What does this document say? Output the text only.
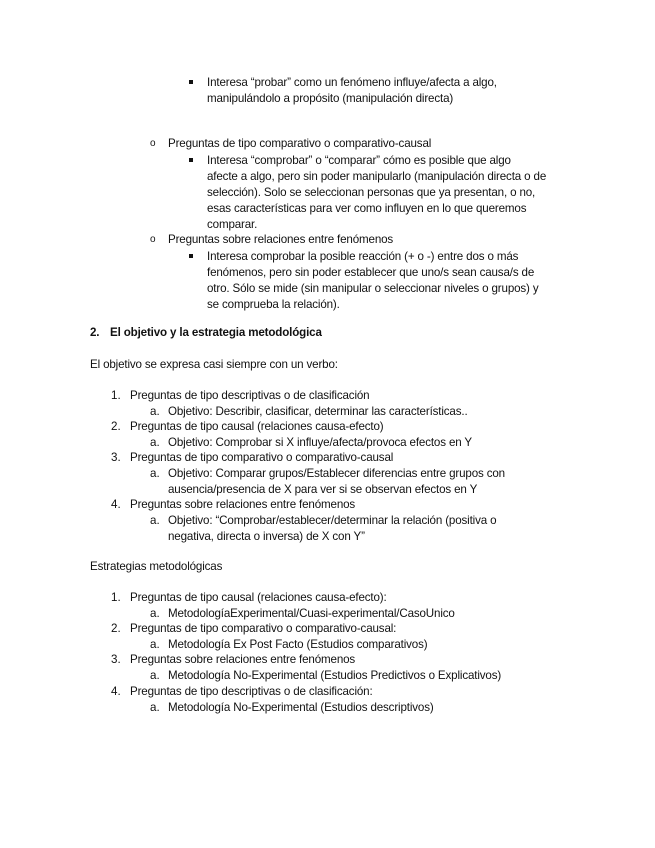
Interesa “probar” como un fenómeno influye/afecta a algo,
manipulándolo a propósito (manipulación directa)
o Preguntas de tipo comparativo o comparativo-causal
Interesa “comprobar” o “comparar” cómo es posible que algo
afecte a algo, pero sin poder manipularlo (manipulación directa o de
selección). Solo se seleccionan personas que ya presentan, o no,
esas características para ver como influyen en lo que queremos
comparar.
o Preguntas sobre relaciones entre fenómenos
Interesa comprobar la posible reacción (+ o -) entre dos o más
fenómenos, pero sin poder establecer que uno/s sean causa/s de
otro. Sólo se mide (sin manipular o seleccionar niveles o grupos) y
se comprueba la relación).
2. El objetivo y la estrategia metodológica
El objetivo se expresa casi siempre con un verbo:
1. Preguntas de tipo descriptivas o de clasificación
a. Objetivo: Describir, clasificar, determinar las características..
2. Preguntas de tipo causal (relaciones causa-efecto)
a. Objetivo: Comprobar si X influye/afecta/provoca efectos en Y
3. Preguntas de tipo comparativo o comparativo-causal
a. Objetivo: Comparar grupos/Establecer diferencias entre grupos con
ausencia/presencia de X para ver si se observan efectos en Y
4. Preguntas sobre relaciones entre fenómenos
a. Objetivo: “Comprobar/establecer/determinar la relación (positiva o
negativa, directa o inversa) de X con Y”
Estrategias metodológicas
1. Preguntas de tipo causal (relaciones causa-efecto):
a. MetodologíaExperimental/Cuasi-experimental/CasoUnico
2. Preguntas de tipo comparativo o comparativo-causal:
a. Metodología Ex Post Facto (Estudios comparativos)
3. Preguntas sobre relaciones entre fenómenos
a. Metodología No-Experimental (Estudios Predictivos o Explicativos)
4. Preguntas de tipo descriptivas o de clasificación:
a. Metodología No-Experimental (Estudios descriptivos)
